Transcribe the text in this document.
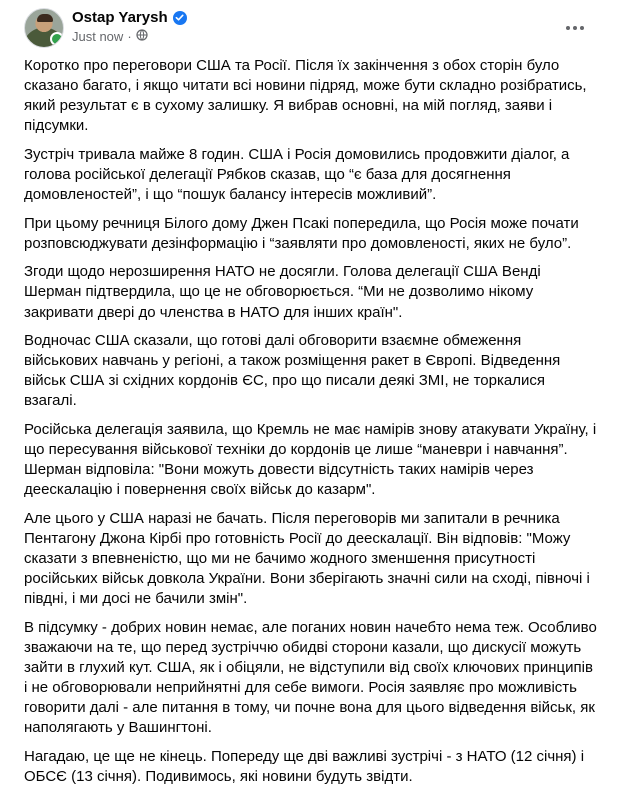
Ostap Yarysh
Just now ·

Коротко про переговори США та Росії. Після їх закінчення з обох сторін було сказано багато, і якщо читати всі новини підряд, може бути складно розібратись, який результат є в сухому залишку. Я вибрав основні, на мій погляд, заяви і підсумки.

Зустріч тривала майже 8 годин. США і Росія домовились продовжити діалог, а голова російської делегації Рябков сказав, що “є база для досягнення домовленостей”, і що “пошук балансу інтересів можливий”.

При цьому речниця Білого дому Джен Псакі попередила, що Росія може почати розповсюджувати дезінформацію і “заявляти про домовленості, яких не було”.

Згоди щодо нерозширення НАТО не досягли. Голова делегації США Венді Шерман підтвердила, що це не обговорюється. “Ми не дозволимо нікому закривати двері до членства в НАТО для інших країн".

Водночас США сказали, що готові далі обговорити взаємне обмеження військових навчань у регіоні, а також розміщення ракет в Європі. Відведення військ США зі східних кордонів ЄС, про що писали деякі ЗМІ, не торкалися взагалі.

Російська делегація заявила, що Кремль не має намірів знову атакувати Україну, і що пересування військової техніки до кордонів це лише “маневри і навчання”. Шерман відповіла: "Вони можуть довести відсутність таких намірів через деескалацію і повернення своїх військ до казарм".

Але цього у США наразі не бачать. Після переговорів ми запитали в речника Пентагону Джона Кірбі про готовність Росії до деескалації. Він відповів: "Можу сказати з впевненістю, що ми не бачимо жодного зменшення присутності російських військ довкола України. Вони зберігають значні сили на сході, півночі і півдні, і ми досі не бачили змін".

В підсумку - добрих новин немає, але поганих новин начебто нема теж. Особливо зважаючи на те, що перед зустріччю обидві сторони казали, що дискусії можуть зайти в глухий кут. США, як і обіцяли, не відступили від своїх ключових принципів і не обговорювали неприйнятні для себе вимоги. Росія заявляє про можливість говорити далі - але питання в тому, чи почне вона для цього відведення військ, як наполягають у Вашингтоні.

Нагадаю, це ще не кінець. Попереду ще дві важливі зустрічі - з НАТО (12 січня) і ОБСЄ (13 січня). Подивимось, які новини будуть звідти.
